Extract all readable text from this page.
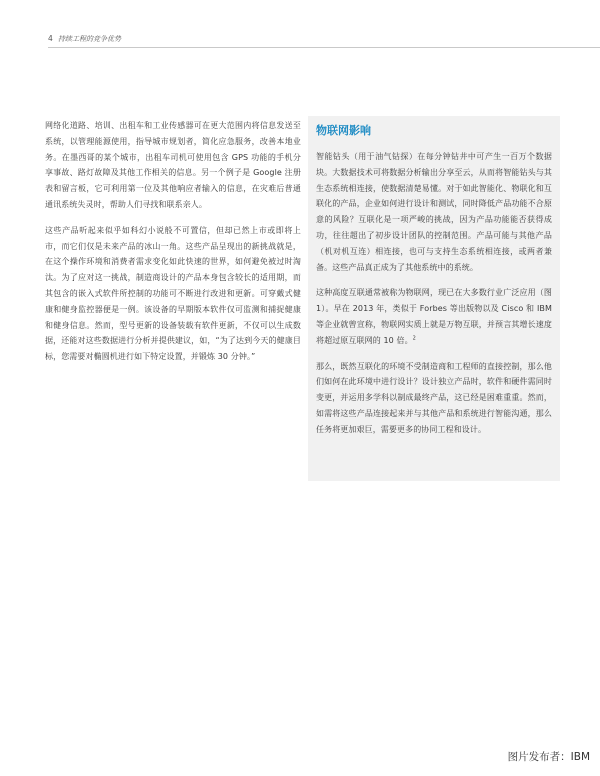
4 持续工程的竞争优势

网络化道路、培训、出租车和工业传感器可在更大范围内将信息发送至系统，以管理能源使用，指导城市规划者，简化应急服务，改善本地业务。在墨西哥的某个城市，出租车司机可使用包含 GPS 功能的手机分享事故、路灯故障及其他工作相关的信息。另一个例子是 Google 注册表和留言板，它可利用第一位及其他响应者输入的信息，在灾难后普通通讯系统失灵时，帮助人们寻找和联系亲人。

这些产品听起来似乎如科幻小说般不可置信，但却已然上市或即将上市，而它们仅是未来产品的冰山一角。这些产品呈现出的新挑战就是，在这个操作环境和消费者需求变化如此快速的世界，如何避免被过时淘汰。为了应对这一挑战，制造商设计的产品本身包含较长的适用期，而其包含的嵌入式软件所控制的功能可不断进行改进和更新。可穿戴式健康和健身监控器便是一例。该设备的早期版本软件仅可监测和捕捉健康和健身信息。然而，型号更新的设备装载有软件更新，不仅可以生成数据，还能对这些数据进行分析并提供建议，如，“为了达到今天的健康目标，您需要对椭圆机进行如下特定设置，并锻炼 30 分钟。”

物联网影响

智能钻头（用于油气钻探）在每分钟钻井中可产生一百万个数据块。大数据技术可将数据分析输出分享至云，从而将智能钻头与其生态系统相连接，使数据清楚易懂。对于如此智能化、物联化和互联化的产品，企业如何进行设计和测试，同时降低产品功能不合原意的风险？互联化是一项严峻的挑战，因为产品功能能否获得成功，往往超出了初步设计团队的控制范围。产品可能与其他产品（机对机互连）相连接，也可与支持生态系统相连接，或两者兼备。这些产品真正成为了其他系统中的系统。

这种高度互联通常被称为物联网，现已在大多数行业广泛应用（图 1）。早在 2013 年，类似于 Forbes 等出版物以及 Cisco 和 IBM 等企业就曾宣称，物联网实质上就是万物互联，并预言其增长速度将超过原互联网的 10 倍。$^2$

那么，既然互联化的环境不受制造商和工程师的直接控制，那么他们如何在此环境中进行设计？设计独立产品时，软件和硬件需同时变更，并运用多学科以制成最终产品，这已经是困难重重。然而，如需将这些产品连接起来并与其他产品和系统进行智能沟通，那么任务将更加艰巨，需要更多的协同工程和设计。

图片发布者：IBM
